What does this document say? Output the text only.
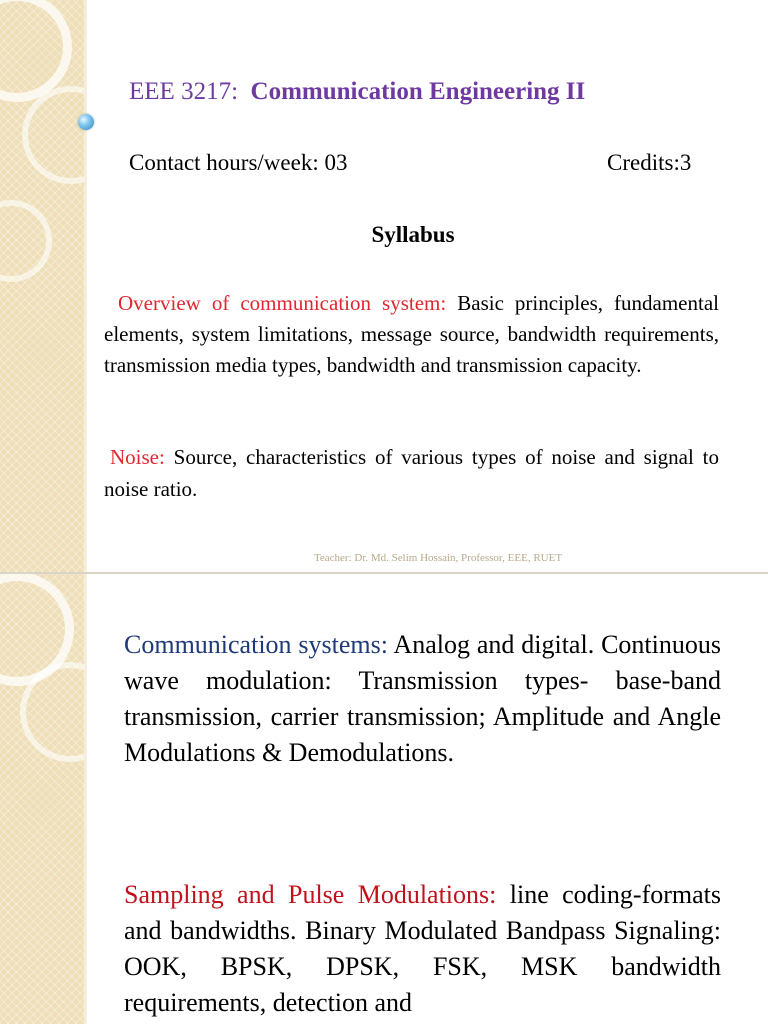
EEE 3217: Communication Engineering II
Contact hours/week: 03	Credits:3
Syllabus
Overview of communication system: Basic principles, fundamental elements, system limitations, message source, bandwidth requirements, transmission media types, bandwidth and transmission capacity.
Noise: Source, characteristics of various types of noise and signal to noise ratio.
Teacher: Dr. Md. Selim Hossain, Professor, EEE, RUET
Communication systems: Analog and digital. Continuous wave modulation: Transmission types- base-band transmission, carrier transmission; Amplitude and Angle Modulations & Demodulations.
Sampling and Pulse Modulations: line coding-formats and bandwidths. Binary Modulated Bandpass Signaling: OOK, BPSK, DPSK, FSK, MSK bandwidth requirements, detection and
